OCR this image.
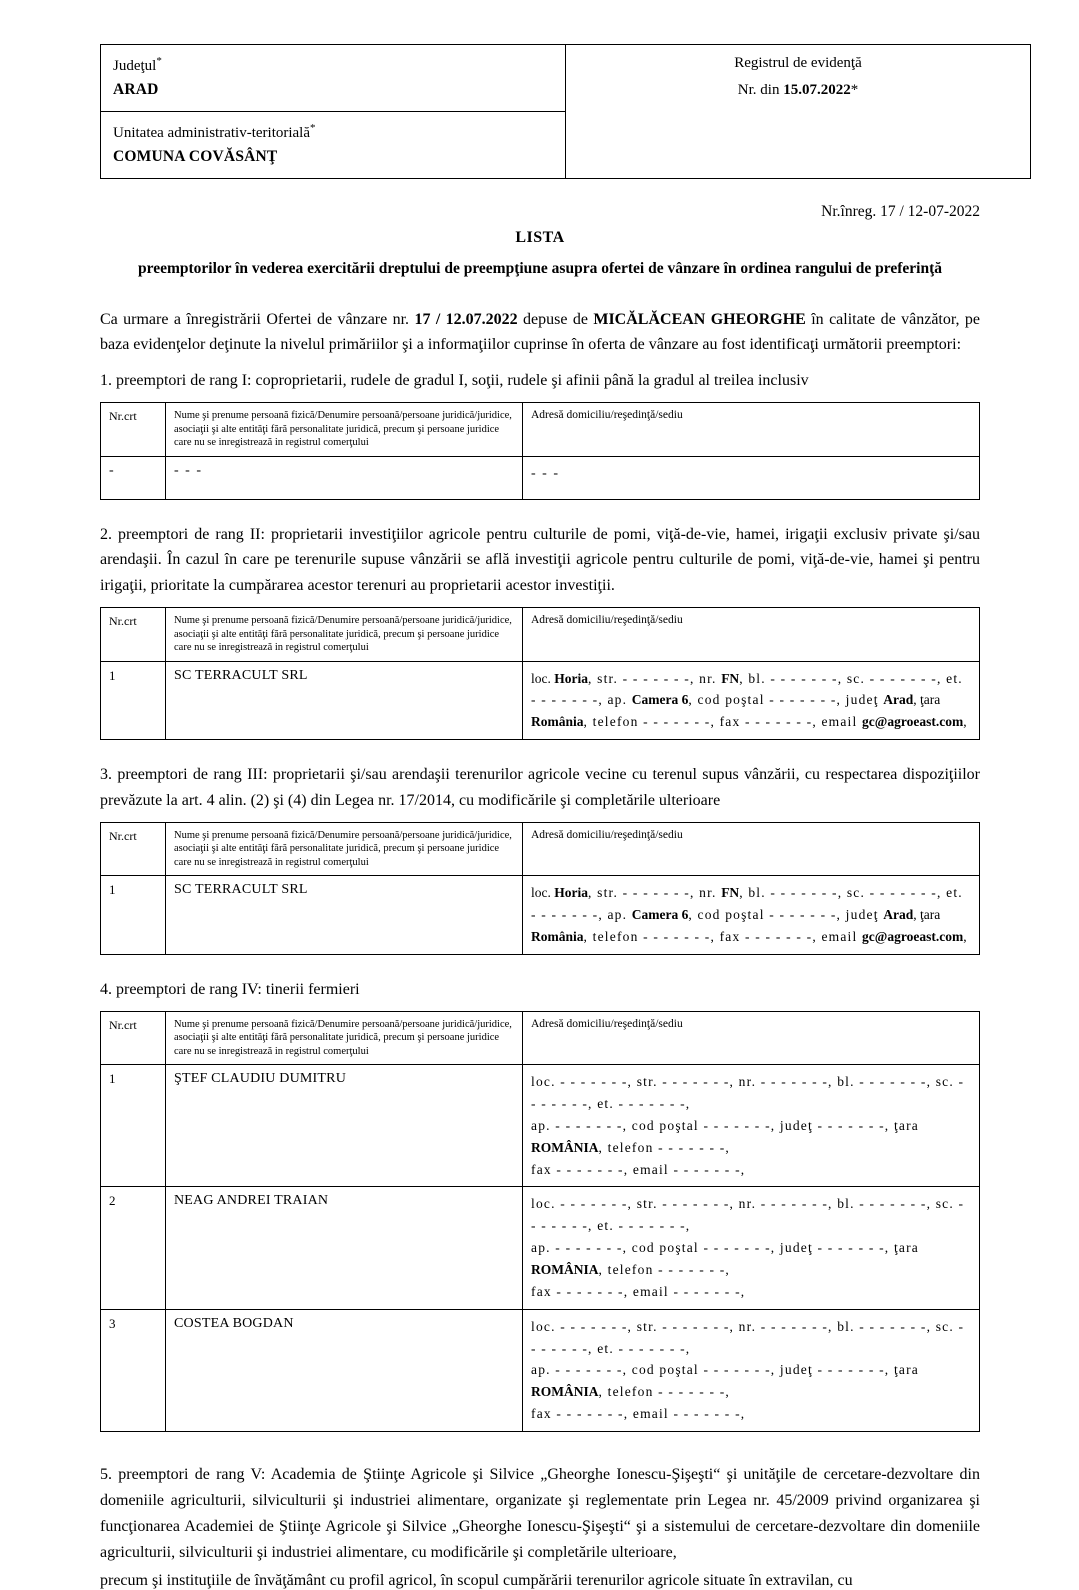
Judeţul*
ARAD

Registrul de evidenţă
Nr. din 15.07.2022*

Unitatea administrativ-teritorială*
COMUNA COVĂSÂNŢ
Nr.înreg. 17 / 12-07-2022
LISTA
preemptorilor în vederea exercitării dreptului de preempţiune asupra ofertei de vânzare în ordinea rangului de preferinţă
Ca urmare a înregistrării Ofertei de vânzare nr. 17 / 12.07.2022 depuse de MICĂLĂCEAN GHEORGHE în calitate de vânzător, pe baza evidenţelor deţinute la nivelul primăriilor şi a informaţiilor cuprinse în oferta de vânzare au fost identificaţi următorii preemptori:
1. preemptori de rang I: coproprietarii, rudele de gradul I, soţii, rudele şi afinii până la gradul al treilea inclusiv
Nr.crt	Nume şi prenume persoană fizică/Denumire persoană/persoane juridică/juridice, asociaţii şi alte entităţi fără personalitate juridică, precum şi persoane juridice care nu se inregistrează in registrul comerţului	Adresă domiciliu/reşedinţă/sediu
-	- - -	- - -
2. preemptori de rang II: proprietarii investiţiilor agricole pentru culturile de pomi, viţă-de-vie, hamei, irigaţii exclusiv private şi/sau arendaşii. În cazul în care pe terenurile supuse vânzării se află investiţii agricole pentru culturile de pomi, viţă-de-vie, hamei şi pentru irigaţii, prioritate la cumpărarea acestor terenuri au proprietarii acestor investiţii.
Nr.crt	Nume şi prenume persoană fizică/Denumire persoană/persoane juridică/juridice, asociaţii şi alte entităţi fără personalitate juridică, precum şi persoane juridice care nu se inregistrează in registrul comerţului	Adresă domiciliu/reşedinţă/sediu
1	SC TERRACULT SRL	loc. Horia, str. - - - - - - -, nr. FN, bl. - - - - - - -, sc. - - - - - - -, et. - - - - - - -, ap. Camera 6, cod poştal - - - - - - -, judeţ Arad, ţara România, telefon - - - - - - -, fax - - - - - - -, email gc@agroeast.com,
3. preemptori de rang III: proprietarii şi/sau arendaşii terenurilor agricole vecine cu terenul supus vânzării, cu respectarea dispoziţiilor prevăzute la art. 4 alin. (2) şi (4) din Legea nr. 17/2014, cu modificările şi completările ulterioare
Nr.crt	Nume şi prenume persoană fizică/Denumire persoană/persoane juridică/juridice, asociaţii şi alte entităţi fără personalitate juridică, precum şi persoane juridice care nu se inregistrează in registrul comerţului	Adresă domiciliu/reşedinţă/sediu
1	SC TERRACULT SRL	loc. Horia, str. - - - - - - -, nr. FN, bl. - - - - - - -, sc. - - - - - - -, et. - - - - - - -, ap. Camera 6, cod poştal - - - - - - -, judeţ Arad, ţara România, telefon - - - - - - -, fax - - - - - - -, email gc@agroeast.com,
4. preemptori de rang IV: tinerii fermieri
Nr.crt	Nume şi prenume persoană fizică/Denumire persoană/persoane juridică/juridice, asociaţii şi alte entităţi fără personalitate juridică, precum şi persoane juridice care nu se inregistrează in registrul comerţului	Adresă domiciliu/reşedinţă/sediu
1	ŞTEF CLAUDIU DUMITRU	loc. - - - - - - -, str. - - - - - - -, nr. - - - - - - -, bl. - - - - - - -, sc. - - - - - - -, et. - - - - - - -,
ap. - - - - - - -, cod poştal - - - - - - -, judeţ - - - - - - -, ţara ROMÂNIA, telefon - - - - - - -,
fax - - - - - - -, email - - - - - - -,

2	NEAG ANDREI TRAIAN	loc. - - - - - - -, str. - - - - - - -, nr. - - - - - - -, bl. - - - - - - -, sc. - - - - - - -, et. - - - - - - -,
ap. - - - - - - -, cod poştal - - - - - - -, judeţ - - - - - - -, ţara ROMÂNIA, telefon - - - - - - -,
fax - - - - - - -, email - - - - - - -,

3	COSTEA BOGDAN	loc. - - - - - - -, str. - - - - - - -, nr. - - - - - - -, bl. - - - - - - -, sc. - - - - - - -, et. - - - - - - -,
ap. - - - - - - -, cod poştal - - - - - - -, judeţ - - - - - - -, ţara ROMÂNIA, telefon - - - - - - -,
fax - - - - - - -, email - - - - - - -,
5. preemptori de rang V: Academia de Ştiinţe Agricole şi Silvice „Gheorghe Ionescu-Şişeşti“ şi unităţile de cercetare-dezvoltare din domeniile agriculturii, silviculturii şi industriei alimentare, organizate şi reglementate prin Legea nr. 45/2009 privind organizarea şi funcţionarea Academiei de Ştiinţe Agricole şi Silvice „Gheorghe Ionescu-Şişeşti“ şi a sistemului de cercetare-dezvoltare din domeniile agriculturii, silviculturii şi industriei alimentare, cu modificările şi completările ulterioare,
precum şi instituţiile de învăţământ cu profil agricol, în scopul cumpărării terenurilor agricole situate în extravilan, cu
